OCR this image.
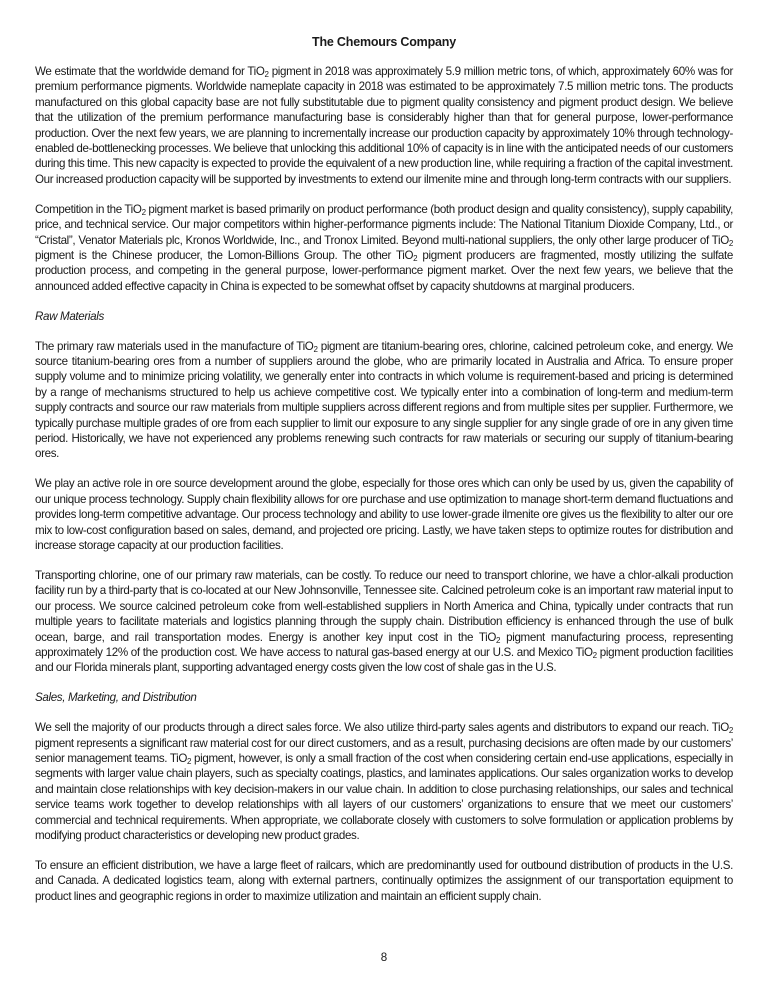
The Chemours Company

We estimate that the worldwide demand for TiO$_2$ pigment in 2018 was approximately 5.9 million metric tons, of which, approximately 60% was for premium performance pigments. Worldwide nameplate capacity in 2018 was estimated to be approximately 7.5 million metric tons. The products manufactured on this global capacity base are not fully substitutable due to pigment quality consistency and pigment product design. We believe that the utilization of the premium performance manufacturing base is considerably higher than that for general purpose, lower-performance production. Over the next few years, we are planning to incrementally increase our production capacity by approximately 10% through technology-enabled de-bottlenecking processes. We believe that unlocking this additional 10% of capacity is in line with the anticipated needs of our customers during this time. This new capacity is expected to provide the equivalent of a new production line, while requiring a fraction of the capital investment. Our increased production capacity will be supported by investments to extend our ilmenite mine and through long-term contracts with our suppliers.

Competition in the TiO$_2$ pigment market is based primarily on product performance (both product design and quality consistency), supply capability, price, and technical service. Our major competitors within higher-performance pigments include: The National Titanium Dioxide Company, Ltd., or “Cristal”, Venator Materials plc, Kronos Worldwide, Inc., and Tronox Limited. Beyond multi-national suppliers, the only other large producer of TiO$_2$ pigment is the Chinese producer, the Lomon-Billions Group. The other TiO$_2$ pigment producers are fragmented, mostly utilizing the sulfate production process, and competing in the general purpose, lower-performance pigment market. Over the next few years, we believe that the announced added effective capacity in China is expected to be somewhat offset by capacity shutdowns at marginal producers.

Raw Materials

The primary raw materials used in the manufacture of TiO$_2$ pigment are titanium-bearing ores, chlorine, calcined petroleum coke, and energy. We source titanium-bearing ores from a number of suppliers around the globe, who are primarily located in Australia and Africa. To ensure proper supply volume and to minimize pricing volatility, we generally enter into contracts in which volume is requirement-based and pricing is determined by a range of mechanisms structured to help us achieve competitive cost. We typically enter into a combination of long-term and medium-term supply contracts and source our raw materials from multiple suppliers across different regions and from multiple sites per supplier. Furthermore, we typically purchase multiple grades of ore from each supplier to limit our exposure to any single supplier for any single grade of ore in any given time period. Historically, we have not experienced any problems renewing such contracts for raw materials or securing our supply of titanium-bearing ores.

We play an active role in ore source development around the globe, especially for those ores which can only be used by us, given the capability of our unique process technology. Supply chain flexibility allows for ore purchase and use optimization to manage short-term demand fluctuations and provides long-term competitive advantage. Our process technology and ability to use lower-grade ilmenite ore gives us the flexibility to alter our ore mix to low-cost configuration based on sales, demand, and projected ore pricing. Lastly, we have taken steps to optimize routes for distribution and increase storage capacity at our production facilities.

Transporting chlorine, one of our primary raw materials, can be costly. To reduce our need to transport chlorine, we have a chlor-alkali production facility run by a third-party that is co-located at our New Johnsonville, Tennessee site. Calcined petroleum coke is an important raw material input to our process. We source calcined petroleum coke from well-established suppliers in North America and China, typically under contracts that run multiple years to facilitate materials and logistics planning through the supply chain. Distribution efficiency is enhanced through the use of bulk ocean, barge, and rail transportation modes. Energy is another key input cost in the TiO$_2$ pigment manufacturing process, representing approximately 12% of the production cost. We have access to natural gas-based energy at our U.S. and Mexico TiO$_2$ pigment production facilities and our Florida minerals plant, supporting advantaged energy costs given the low cost of shale gas in the U.S.

Sales, Marketing, and Distribution

We sell the majority of our products through a direct sales force. We also utilize third-party sales agents and distributors to expand our reach. TiO$_2$ pigment represents a significant raw material cost for our direct customers, and as a result, purchasing decisions are often made by our customers’ senior management teams. TiO$_2$ pigment, however, is only a small fraction of the cost when considering certain end-use applications, especially in segments with larger value chain players, such as specialty coatings, plastics, and laminates applications. Our sales organization works to develop and maintain close relationships with key decision-makers in our value chain. In addition to close purchasing relationships, our sales and technical service teams work together to develop relationships with all layers of our customers’ organizations to ensure that we meet our customers’ commercial and technical requirements. When appropriate, we collaborate closely with customers to solve formulation or application problems by modifying product characteristics or developing new product grades.

To ensure an efficient distribution, we have a large fleet of railcars, which are predominantly used for outbound distribution of products in the U.S. and Canada. A dedicated logistics team, along with external partners, continually optimizes the assignment of our transportation equipment to product lines and geographic regions in order to maximize utilization and maintain an efficient supply chain.

8
